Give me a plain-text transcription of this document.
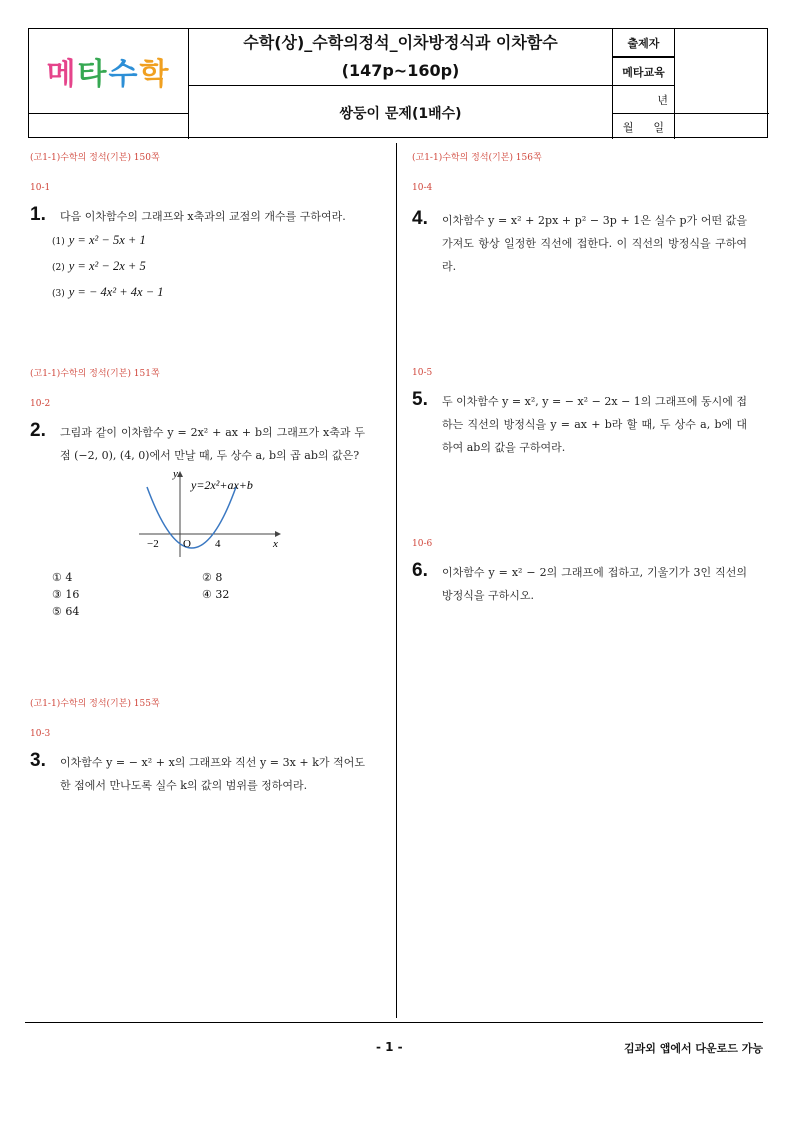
메타수학
수학(상)_수학의정석_이차방정식과 이차함수
(147p~160p)
출제자
메타교육
쌍둥이 문제(1배수)
년
월 일
(고1-1)수학의 정석(기본) 150쪽
10-1
1.	다음 이차함수의 그래프와 x축과의 교점의 개수를 구하여라.
(1) y = x² − 5x + 1
(2) y = x² − 2x + 5
(3) y = − 4x² + 4x − 1
(고1-1)수학의 정석(기본) 151쪽
10-2
2.	그림과 같이 이차함수 y = 2x² + ax + b의 그래프가 x축과 두 점 (−2, 0), (4, 0)에서 만날 때, 두 상수 a, b의 곱 ab의 값은?
y
x
O
−2	4
y=2x²+ax+b
① 4	② 8
③ 16	④ 32
⑤ 64
(고1-1)수학의 정석(기본) 155쪽
10-3
3.	이차함수 y = − x² + x의 그래프와 직선 y = 3x + k가 적어도 한 점에서 만나도록 실수 k의 값의 범위를 정하여라.
(고1-1)수학의 정석(기본) 156쪽
10-4
4.	이차함수 y = x² + 2px + p² − 3p + 1은 실수 p가 어떤 값을 가져도 항상 일정한 직선에 접한다. 이 직선의 방정식을 구하여라.
10-5
5.	두 이차함수 y = x², y = − x² − 2x − 1의 그래프에 동시에 접하는 직선의 방정식을 y = ax + b라 할 때, 두 상수 a, b에 대하여 ab의 값을 구하여라.
10-6
6.	이차함수 y = x² − 2의 그래프에 접하고, 기울기가 3인 직선의 방정식을 구하시오.
- 1 -	김과외 앱에서 다운로드 가능
